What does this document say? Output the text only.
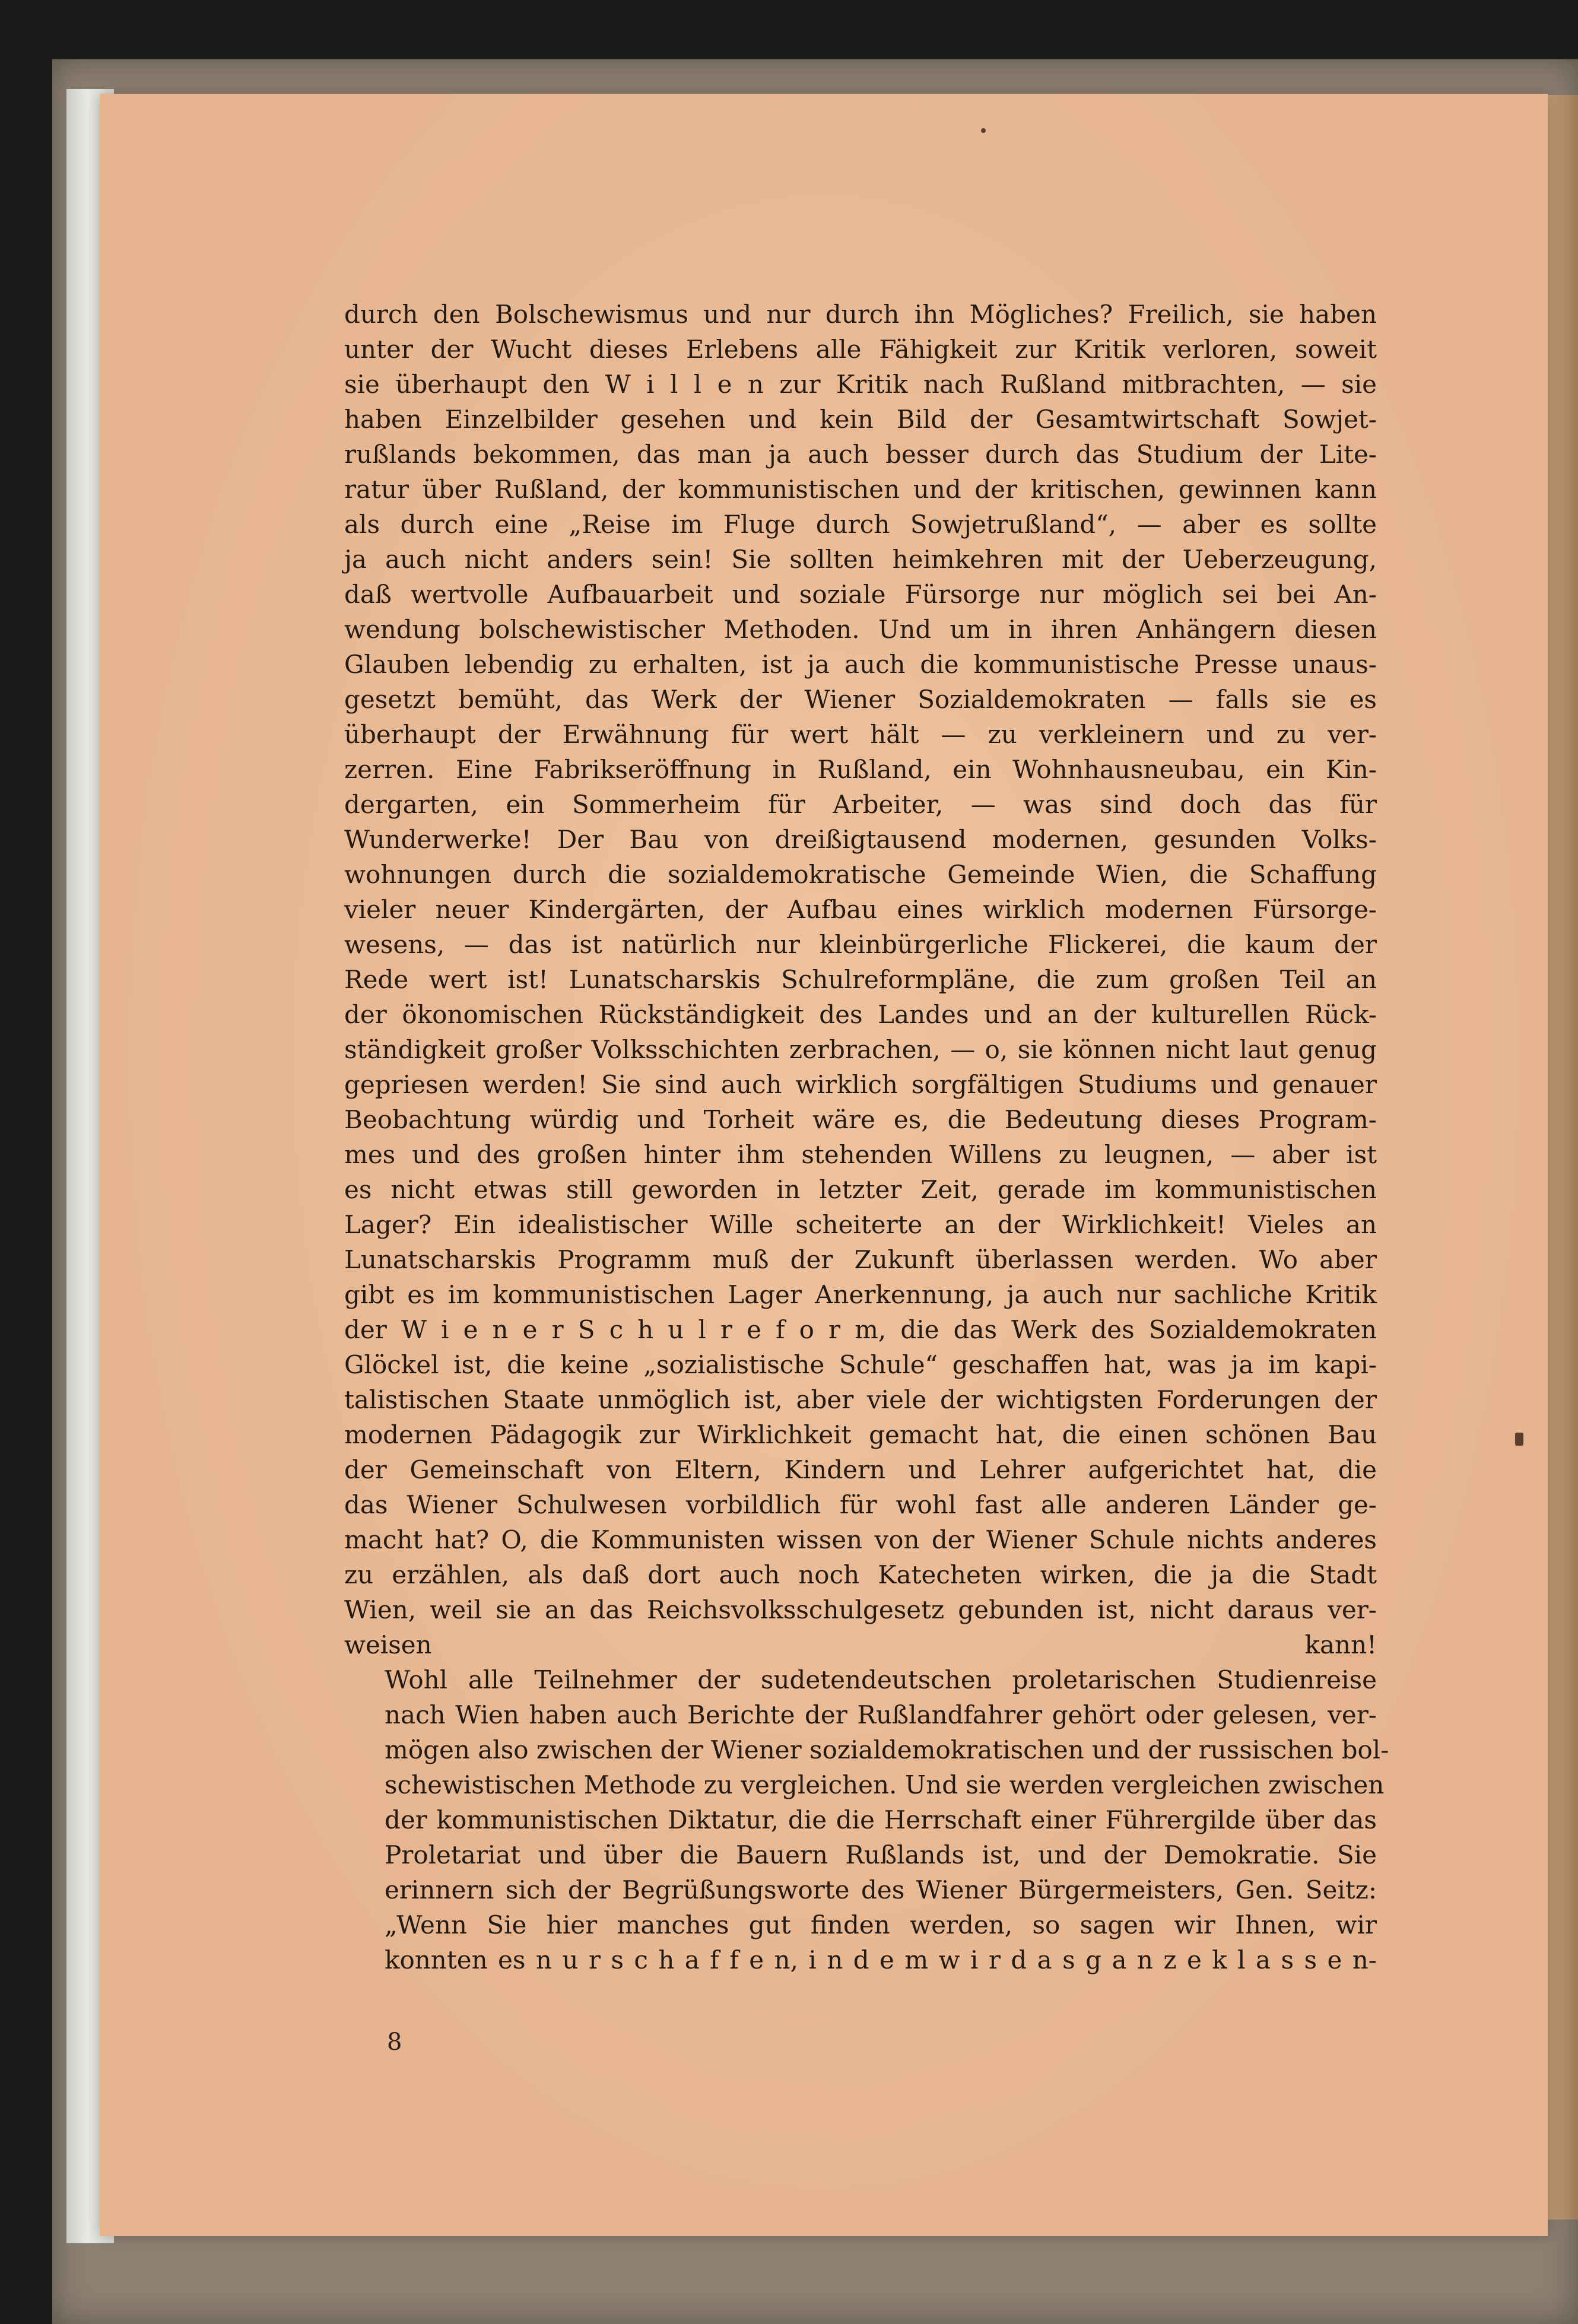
durch den Bolschewismus und nur durch ihn Mögliches? Freilich, sie haben
unter der Wucht dieses Erlebens alle Fähigkeit zur Kritik verloren, soweit
sie überhaupt den W i l l e n zur Kritik nach Rußland mitbrachten, — sie
haben Einzelbilder gesehen und kein Bild der Gesamtwirtschaft Sowjet-
rußlands bekommen, das man ja auch besser durch das Studium der Lite-
ratur über Rußland, der kommunistischen und der kritischen, gewinnen kann
als durch eine „Reise im Fluge durch Sowjetrußland“, — aber es sollte
ja auch nicht anders sein! Sie sollten heimkehren mit der Ueberzeugung,
daß wertvolle Aufbauarbeit und soziale Fürsorge nur möglich sei bei An-
wendung bolschewistischer Methoden. Und um in ihren Anhängern diesen
Glauben lebendig zu erhalten, ist ja auch die kommunistische Presse unaus-
gesetzt bemüht, das Werk der Wiener Sozialdemokraten — falls sie es
überhaupt der Erwähnung für wert hält — zu verkleinern und zu ver-
zerren. Eine Fabrikseröffnung in Rußland, ein Wohnhausneubau, ein Kin-
dergarten, ein Sommerheim für Arbeiter, — was sind doch das für
Wunderwerke! Der Bau von dreißigtausend modernen, gesunden Volks-
wohnungen durch die sozialdemokratische Gemeinde Wien, die Schaffung
vieler neuer Kindergärten, der Aufbau eines wirklich modernen Fürsorge-
wesens, — das ist natürlich nur kleinbürgerliche Flickerei, die kaum der
Rede wert ist! Lunatscharskis Schulreformpläne, die zum großen Teil an
der ökonomischen Rückständigkeit des Landes und an der kulturellen Rück-
ständigkeit großer Volksschichten zerbrachen, — o, sie können nicht laut genug
gepriesen werden! Sie sind auch wirklich sorgfältigen Studiums und genauer
Beobachtung würdig und Torheit wäre es, die Bedeutung dieses Program-
mes und des großen hinter ihm stehenden Willens zu leugnen, — aber ist
es nicht etwas still geworden in letzter Zeit, gerade im kommunistischen
Lager? Ein idealistischer Wille scheiterte an der Wirklichkeit! Vieles an
Lunatscharskis Programm muß der Zukunft überlassen werden. Wo aber
gibt es im kommunistischen Lager Anerkennung, ja auch nur sachliche Kritik
der W i e n e r S c h u l r e f o r m, die das Werk des Sozialdemokraten
Glöckel ist, die keine „sozialistische Schule“ geschaffen hat, was ja im kapi-
talistischen Staate unmöglich ist, aber viele der wichtigsten Forderungen der
modernen Pädagogik zur Wirklichkeit gemacht hat, die einen schönen Bau
der Gemeinschaft von Eltern, Kindern und Lehrer aufgerichtet hat, die
das Wiener Schulwesen vorbildlich für wohl fast alle anderen Länder ge-
macht hat? O, die Kommunisten wissen von der Wiener Schule nichts anderes
zu erzählen, als daß dort auch noch Katecheten wirken, die ja die Stadt
Wien, weil sie an das Reichsvolksschulgesetz gebunden ist, nicht daraus ver-
weisen kann!

Wohl alle Teilnehmer der sudetendeutschen proletarischen Studienreise
nach Wien haben auch Berichte der Rußlandfahrer gehört oder gelesen, ver-
mögen also zwischen der Wiener sozialdemokratischen und der russischen bol-
schewistischen Methode zu vergleichen. Und sie werden vergleichen zwischen
der kommunistischen Diktatur, die die Herrschaft einer Führergilde über das
Proletariat und über die Bauern Rußlands ist, und der Demokratie. Sie
erinnern sich der Begrüßungsworte des Wiener Bürgermeisters, Gen. Seitz:

„Wenn Sie hier manches gut finden werden, so sagen wir Ihnen, wir
konnten es n u r s c h a f f e n, i n d e m w i r d a s g a n z e k l a s s e n-

8
